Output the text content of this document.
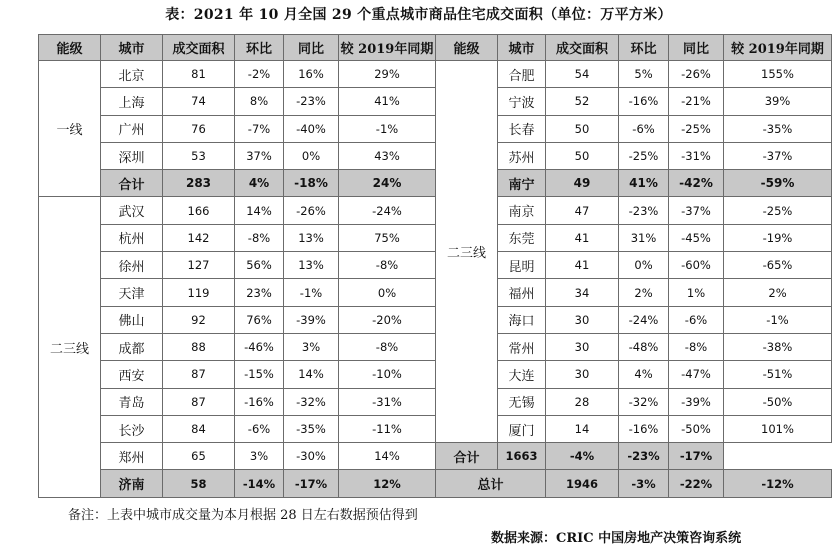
表：2021 年 10 月全国 29 个重点城市商品住宅成交面积（单位：万平方米）
能级	城市	成交面积	环比	同比	较 2019年同期	能级	城市	成交面积	环比	同比	较 2019年同期
一线	北京	81	-2%	16%	29%	二三线	合肥	54	5%	-26%	155%
	上海	74	8%	-23%	41%		宁波	52	-16%	-21%	39%
	广州	76	-7%	-40%	-1%		长春	50	-6%	-25%	-35%
	深圳	53	37%	0%	43%		苏州	50	-25%	-31%	-37%
	合计	283	4%	-18%	24%		南宁	49	41%	-42%	-59%
二三线	武汉	166	14%	-26%	-24%		南京	47	-23%	-37%	-25%
	杭州	142	-8%	13%	75%		东莞	41	31%	-45%	-19%
	徐州	127	56%	13%	-8%		昆明	41	0%	-60%	-65%
	天津	119	23%	-1%	0%		福州	34	2%	1%	2%
	佛山	92	76%	-39%	-20%		海口	30	-24%	-6%	-1%
	成都	88	-46%	3%	-8%		常州	30	-48%	-8%	-38%
	西安	87	-15%	14%	-10%		大连	30	4%	-47%	-51%
	青岛	87	-16%	-32%	-31%		无锡	28	-32%	-39%	-50%
	长沙	84	-6%	-35%	-11%		厦门	14	-16%	-50%	101%
	郑州	65	3%	-30%	14%	合计	1663	-4%	-23%	-17%	
	济南	58	-14%	-17%	12%	总计		1946	-3%	-22%	-12%
备注：上表中城市成交量为本月根据 28 日左右数据预估得到
数据来源：CRIC 中国房地产决策咨询系统
